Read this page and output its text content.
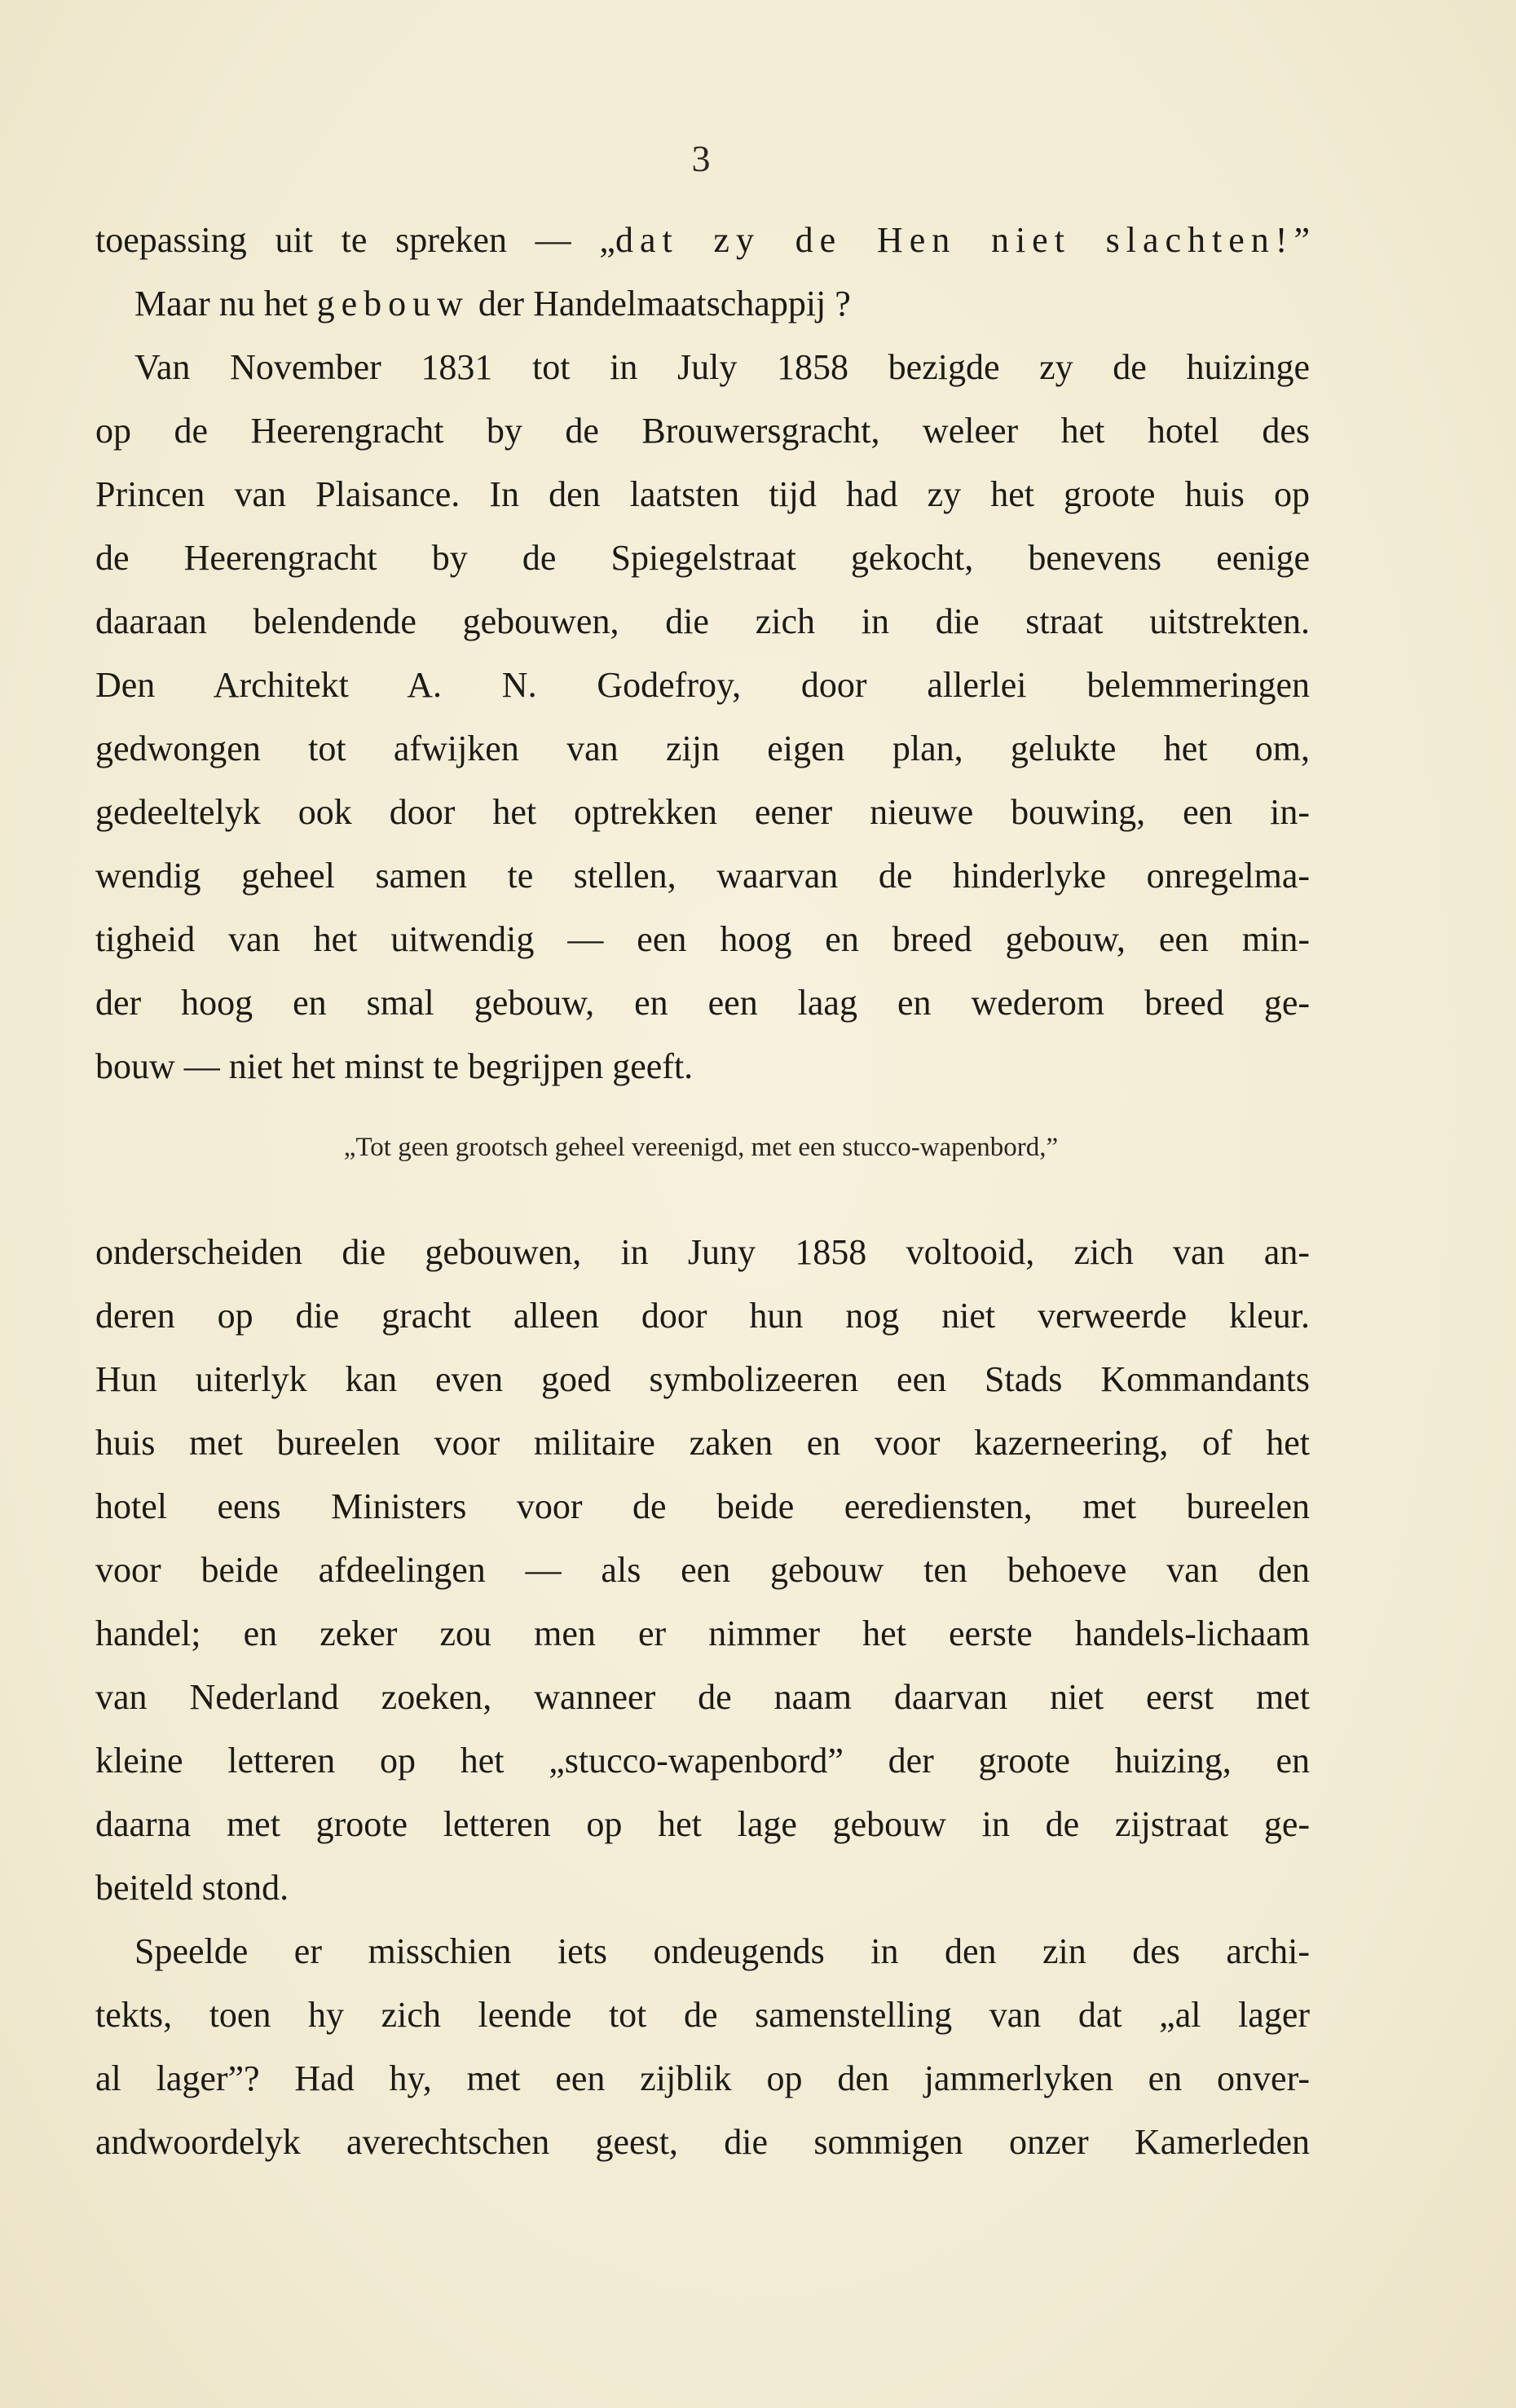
3
toepassing uit te spreken — „dat zy de Hen niet slachten!”
Maar nu het gebouw der Handelmaatschappij ?
Van November 1831 tot in July 1858 bezigde zy de huizinge
op de Heerengracht by de Brouwersgracht, weleer het hotel des
Princen van Plaisance. In den laatsten tijd had zy het groote huis op
de Heerengracht by de Spiegelstraat gekocht, benevens eenige
daaraan belendende gebouwen, die zich in die straat uitstrekten.
Den Architekt A. N. Godefroy, door allerlei belemmeringen
gedwongen tot afwijken van zijn eigen plan, gelukte het om,
gedeeltelyk ook door het optrekken eener nieuwe bouwing, een in-
wendig geheel samen te stellen, waarvan de hinderlyke onregelma-
tigheid van het uitwendig — een hoog en breed gebouw, een min-
der hoog en smal gebouw, en een laag en wederom breed ge-
bouw — niet het minst te begrijpen geeft.
„Tot geen grootsch geheel vereenigd, met een stucco-wapenbord,”
onderscheiden die gebouwen, in Juny 1858 voltooid, zich van an-
deren op die gracht alleen door hun nog niet verweerde kleur.
Hun uiterlyk kan even goed symbolizeeren een Stads Kommandants
huis met bureelen voor militaire zaken en voor kazerneering, of het
hotel eens Ministers voor de beide eerediensten, met bureelen
voor beide afdeelingen — als een gebouw ten behoeve van den
handel; en zeker zou men er nimmer het eerste handels-lichaam
van Nederland zoeken, wanneer de naam daarvan niet eerst met
kleine letteren op het „stucco-wapenbord” der groote huizing, en
daarna met groote letteren op het lage gebouw in de zijstraat ge-
beiteld stond.
Speelde er misschien iets ondeugends in den zin des archi-
tekts, toen hy zich leende tot de samenstelling van dat „al lager
al lager”? Had hy, met een zijblik op den jammerlyken en onver-
andwoordelyk averechtschen geest, die sommigen onzer Kamerleden
